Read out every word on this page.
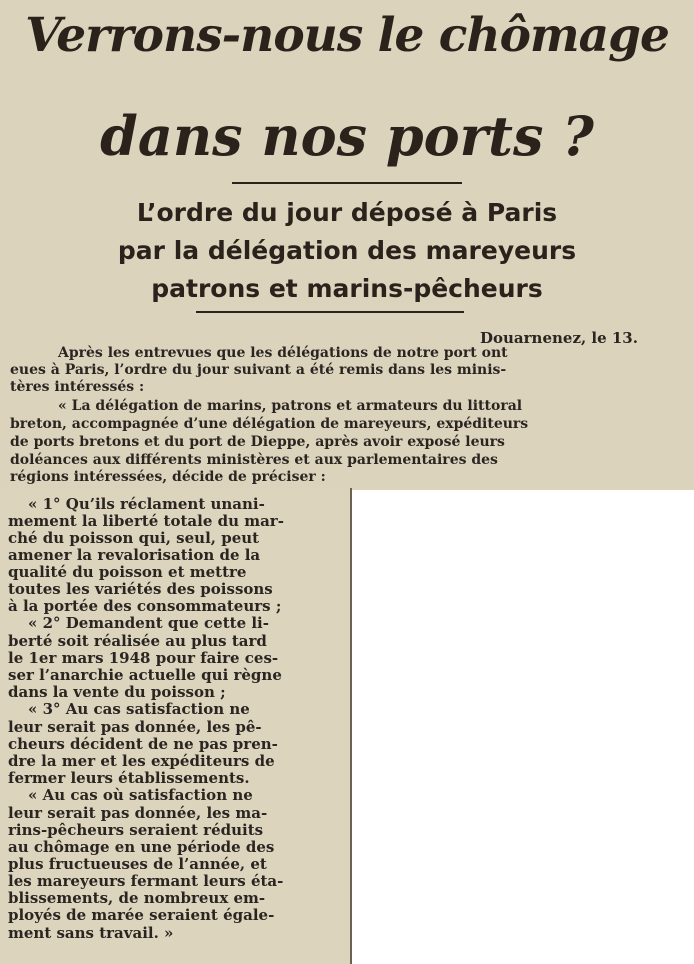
Verrons-nous le chômage
dans nos ports ?
L’ordre du jour déposé à Paris
par la délégation des mareyeurs
patrons et marins-pêcheurs
Douarnenez, le 13.
Après les entrevues que les délégations de notre port ont
eues à Paris, l’ordre du jour suivant a été remis dans les minis-
tères intéressés :
« La délégation de marins, patrons et armateurs du littoral
breton, accompagnée d’une délégation de mareyeurs, expéditeurs
de ports bretons et du port de Dieppe, après avoir exposé leurs
doléances aux différents ministères et aux parlementaires des
régions intéressées, décide de préciser :
« 1° Qu’ils réclament unani-
mement la liberté totale du mar-
ché du poisson qui, seul, peut
amener la revalorisation de la
qualité du poisson et mettre
toutes les variétés des poissons
à la portée des consommateurs ;
« 2° Demandent que cette li-
berté soit réalisée au plus tard
le 1er mars 1948 pour faire ces-
ser l’anarchie actuelle qui règne
dans la vente du poisson ;
« 3° Au cas satisfaction ne
leur serait pas donnée, les pê-
cheurs décident de ne pas pren-
dre la mer et les expéditeurs de
fermer leurs établissements.
« Au cas où satisfaction ne
leur serait pas donnée, les ma-
rins-pêcheurs seraient réduits
au chômage en une période des
plus fructueuses de l’année, et
les mareyeurs fermant leurs éta-
blissements, de nombreux em-
ployés de marée seraient égale-
ment sans travail. »
